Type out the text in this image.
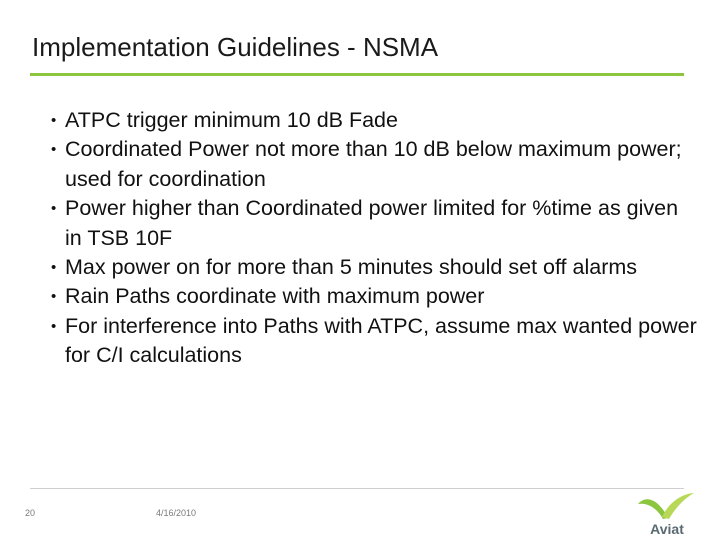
Implementation Guidelines - NSMA
• ATPC trigger minimum 10 dB Fade
• Coordinated Power not more than 10 dB below maximum power; used for coordination
• Power higher than Coordinated power limited for %time as given in TSB 10F
• Max power on for more than 5 minutes should set off alarms
• Rain Paths coordinate with maximum power
• For interference into Paths with ATPC, assume max wanted power for C/I calculations
20	4/16/2010
Aviat
